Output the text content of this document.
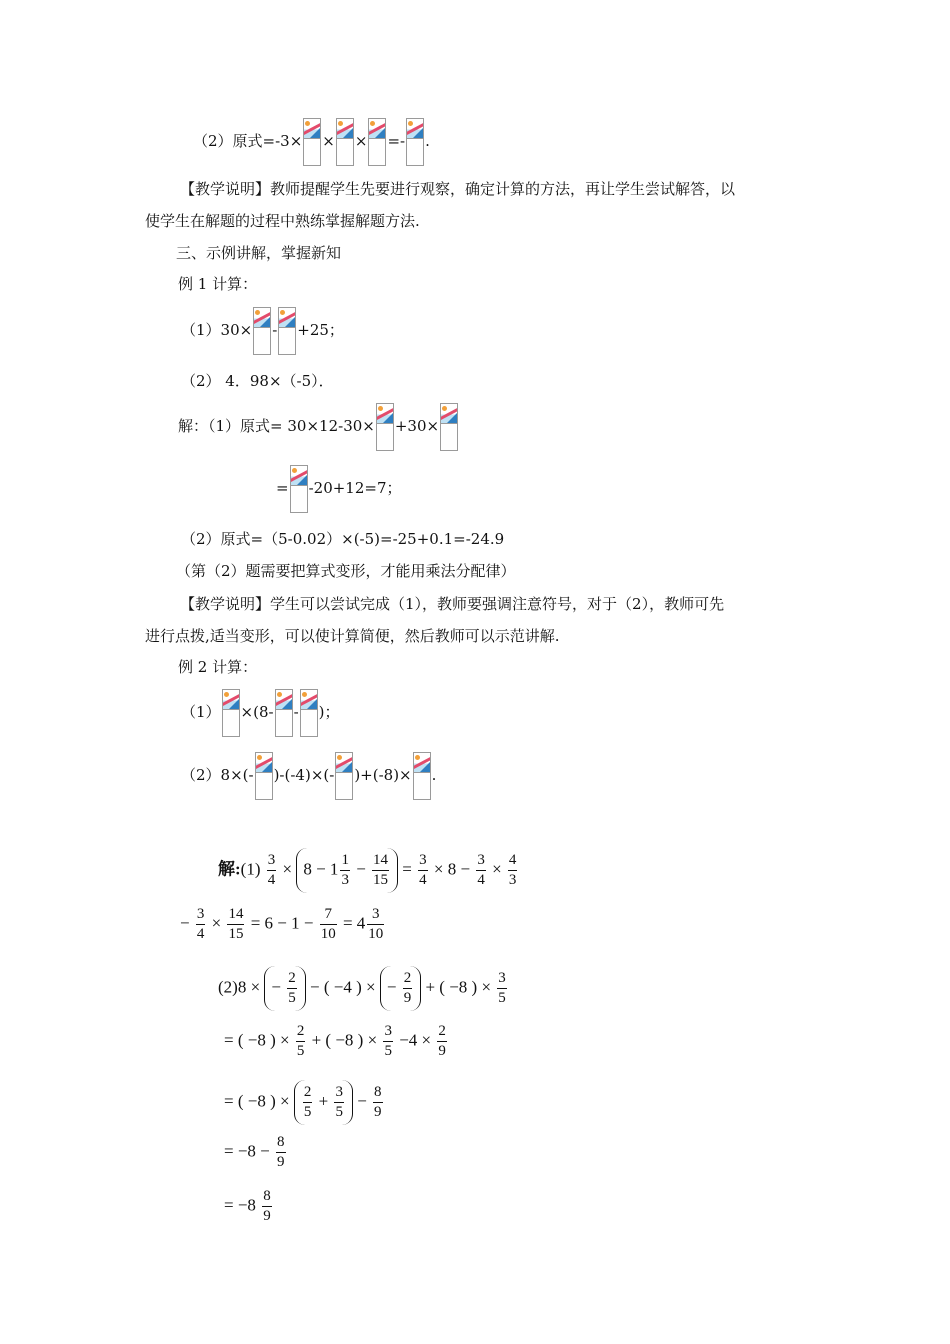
（2）原式=-3× × × =- .
【教学说明】教师提醒学生先要进行观察，确定计算的方法，再让学生尝试解答，以
使学生在解题的过程中熟练掌握解题方法.
三、示例讲解，掌握新知
例 1 计算：
（1）30× - +25；
（2） 4．98×（-5）．
解：（1）原式= 30×12-30× +30×
= -20+12=7；
（2）原式=（5-0.02）×(-5)=-25+0.1=-24.9
（第（2）题需要把算式变形，才能用乘法分配律）
【教学说明】学生可以尝试完成（1），教师要强调注意符号，对于（2），教师可先
进行点拨,适当变形，可以使计算简便，然后教师可以示范讲解.
例 2 计算：
（1） ×(8- - )；
（2）8×(- )-(-4)×(- )+(-8)× .
解:(1) $\frac{3}{4} \times 8 - 1 \frac{1}{3} - \frac{14}{15} = \frac{3}{4} \times 8 - \frac{3}{4} \times \frac{4}{3}$
− $\frac{3}{4} \times \frac{14}{15} = 6 - 1 - \frac{7}{10} = 4 \frac{3}{10}$
(2)8 × − $\frac{2}{5}$ − ( −4 ) × − $\frac{2}{9}$ + ( −8 ) × $\frac{3}{5}$
= ( −8 ) × $\frac{2}{5}$ + ( −8 ) × $\frac{3}{5} -4 \times \frac{2}{9}$
= ( −8 ) × $\frac{2}{5} + \frac{3}{5} - \frac{8}{9}$
= $-8 - \frac{8}{9}$
= $-8 \frac{8}{9}$
